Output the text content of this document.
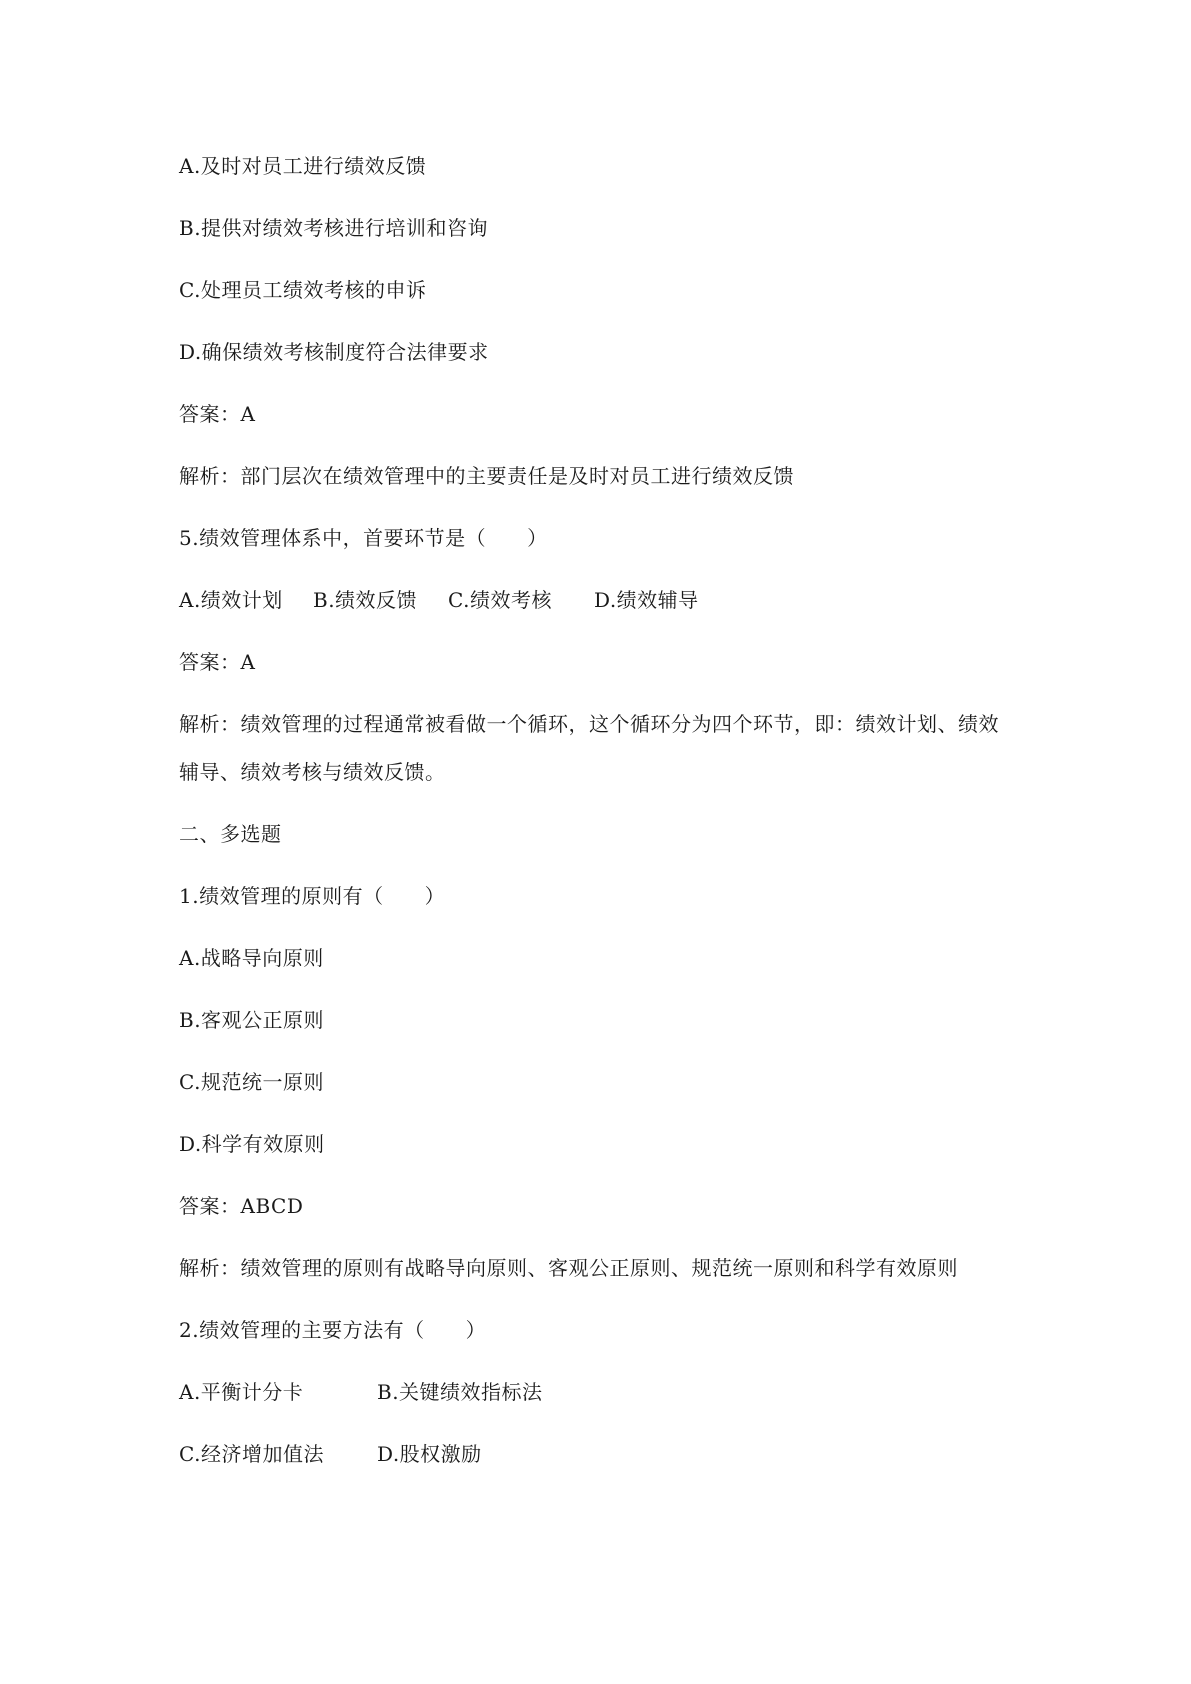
A.及时对员工进行绩效反馈
B.提供对绩效考核进行培训和咨询
C.处理员工绩效考核的申诉
D.确保绩效考核制度符合法律要求
答案：A
解析：部门层次在绩效管理中的主要责任是及时对员工进行绩效反馈
5.绩效管理体系中，首要环节是（　　）
A.绩效计划 B.绩效反馈 C.绩效考核 D.绩效辅导
答案：A
解析：绩效管理的过程通常被看做一个循环，这个循环分为四个环节，即：绩效计划、绩效
辅导、绩效考核与绩效反馈。
二、多选题
1.绩效管理的原则有（　　）
A.战略导向原则
B.客观公正原则
C.规范统一原则
D.科学有效原则
答案：ABCD
解析：绩效管理的原则有战略导向原则、客观公正原则、规范统一原则和科学有效原则
2.绩效管理的主要方法有（　　）
A.平衡计分卡	B.关键绩效指标法
C.经济增加值法	D.股权激励
